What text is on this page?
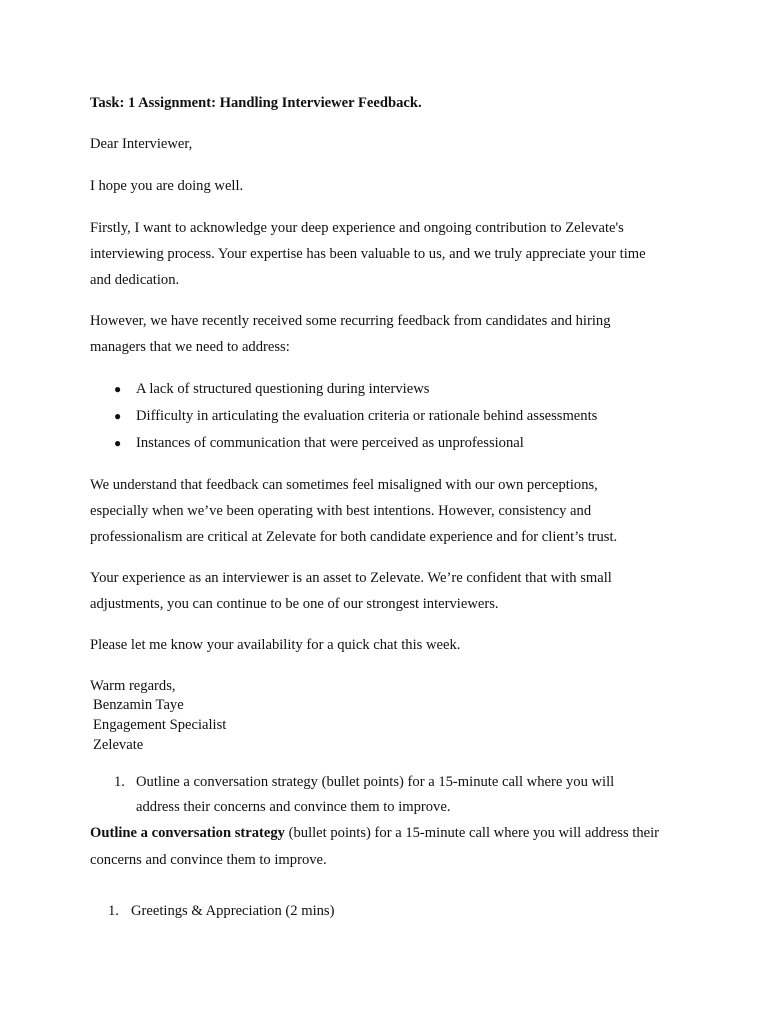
Task: 1 Assignment: Handling Interviewer Feedback.
Dear Interviewer,
I hope you are doing well.
Firstly, I want to acknowledge your deep experience and ongoing contribution to Zelevate's
interviewing process. Your expertise has been valuable to us, and we truly appreciate your time
and dedication.
However, we have recently received some recurring feedback from candidates and hiring
managers that we need to address:
● A lack of structured questioning during interviews
● Difficulty in articulating the evaluation criteria or rationale behind assessments
● Instances of communication that were perceived as unprofessional
We understand that feedback can sometimes feel misaligned with our own perceptions,
especially when we’ve been operating with best intentions. However, consistency and
professionalism are critical at Zelevate for both candidate experience and for client’s trust.
Your experience as an interviewer is an asset to Zelevate. We’re confident that with small
adjustments, you can continue to be one of our strongest interviewers.
Please let me know your availability for a quick chat this week.
Warm regards,
Benzamin Taye
Engagement Specialist
Zelevate
1. Outline a conversation strategy (bullet points) for a 15-minute call where you will
address their concerns and convince them to improve.
Outline a conversation strategy (bullet points) for a 15-minute call where you will address their
concerns and convince them to improve.
1. Greetings & Appreciation (2 mins)
